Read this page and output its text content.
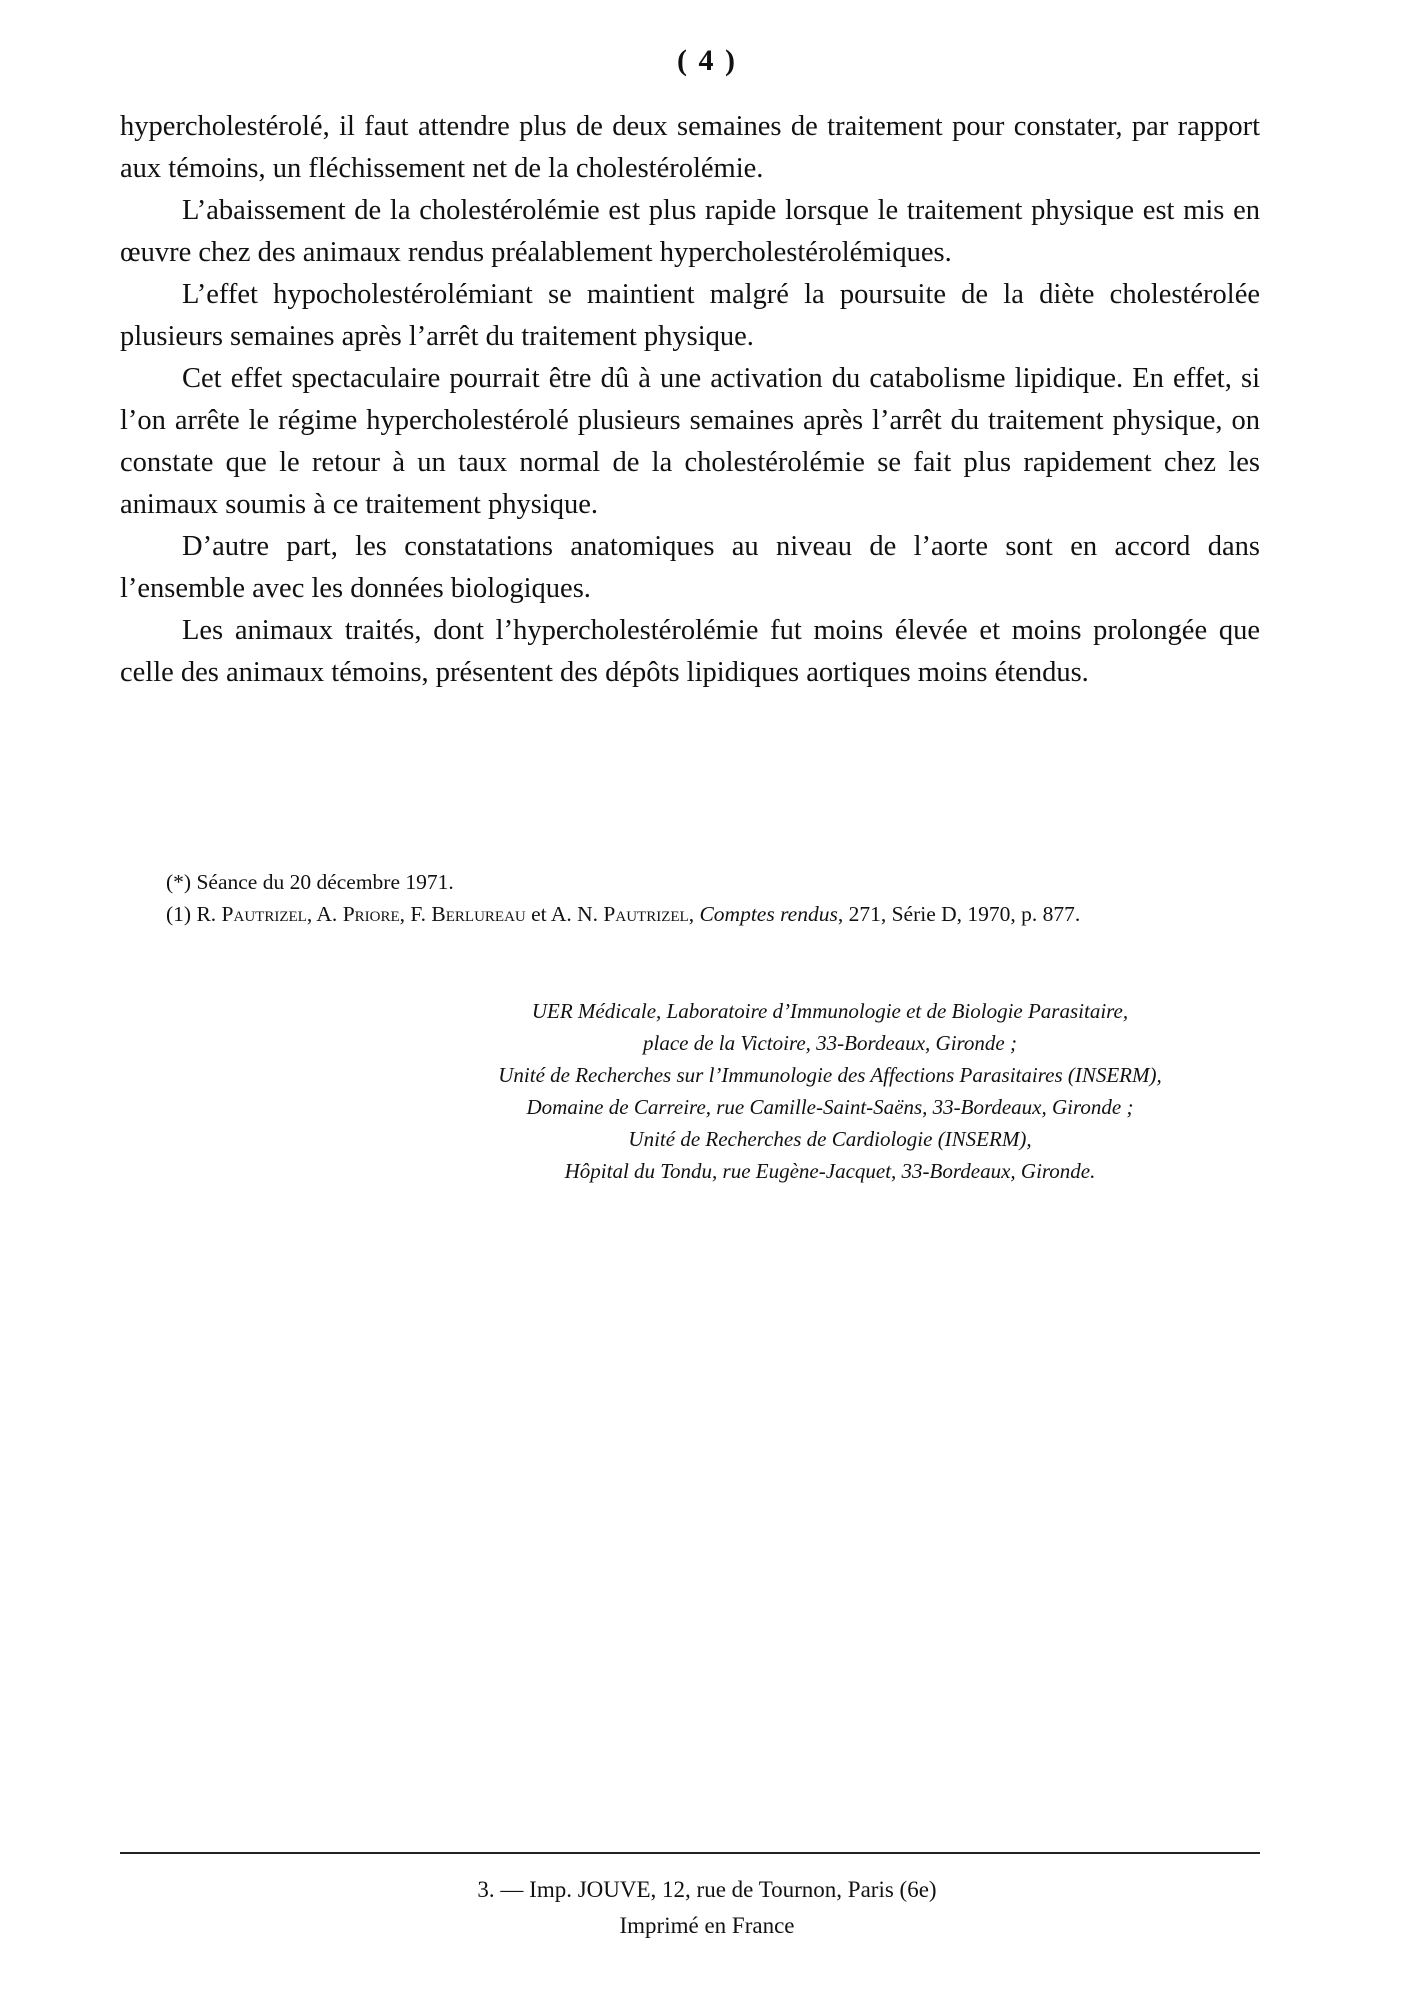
( 4 )

hypercholestérolé, il faut attendre plus de deux semaines de traitement pour constater, par rapport aux témoins, un fléchissement net de la cholestérolémie.

L’abaissement de la cholestérolémie est plus rapide lorsque le traitement physique est mis en œuvre chez des animaux rendus préalablement hypercholestérolémiques.

L’effet hypocholestérolémiant se maintient malgré la poursuite de la diète cholestérolée plusieurs semaines après l’arrêt du traitement physique.

Cet effet spectaculaire pourrait être dû à une activation du catabolisme lipidique. En effet, si l’on arrête le régime hypercholestérolé plusieurs semaines après l’arrêt du traitement physique, on constate que le retour à un taux normal de la cholestérolémie se fait plus rapidement chez les animaux soumis à ce traitement physique.

D’autre part, les constatations anatomiques au niveau de l’aorte sont en accord dans l’ensemble avec les données biologiques.

Les animaux traités, dont l’hypercholestérolémie fut moins élevée et moins prolongée que celle des animaux témoins, présentent des dépôts lipidiques aortiques moins étendus.

(*) Séance du 20 décembre 1971.

(1) R. Pautrizel, A. Priore, F. Berlureau et A. N. Pautrizel, Comptes rendus, 271, Série D, 1970, p. 877.

UER Médicale, Laboratoire d’Immunologie et de Biologie Parasitaire,

place de la Victoire, 33-Bordeaux, Gironde ;

Unité de Recherches sur l’Immunologie des Affections Parasitaires (INSERM),

Domaine de Carreire, rue Camille-Saint-Saëns, 33-Bordeaux, Gironde ;

Unité de Recherches de Cardiologie (INSERM),

Hôpital du Tondu, rue Eugène-Jacquet, 33-Bordeaux, Gironde.

3. — Imp. JOUVE, 12, rue de Tournon, Paris (6e)

Imprimé en France
